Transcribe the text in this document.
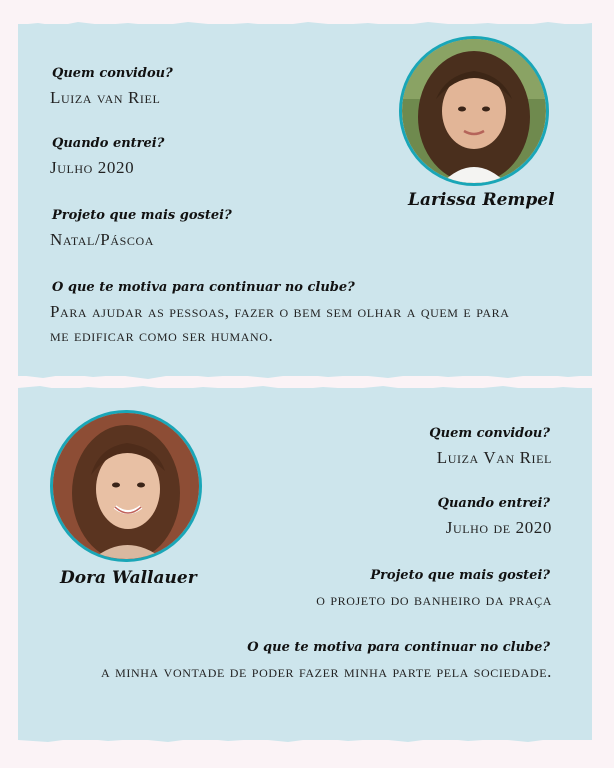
Quem convidou?
Luiza van Riel
Quando entrei?
Julho 2020
Projeto que mais gostei?
Natal/Páscoa
O que te motiva para continuar no clube?
Para ajudar as pessoas, fazer o bem sem olhar a quem e para me edificar como ser humano.
Larissa Rempel
Dora Wallauer
Quem convidou?
Luiza Van Riel
Quando entrei?
Julho de 2020
Projeto que mais gostei?
o projeto do banheiro da praça
O que te motiva para continuar no clube?
a minha vontade de poder fazer minha parte pela sociedade.
